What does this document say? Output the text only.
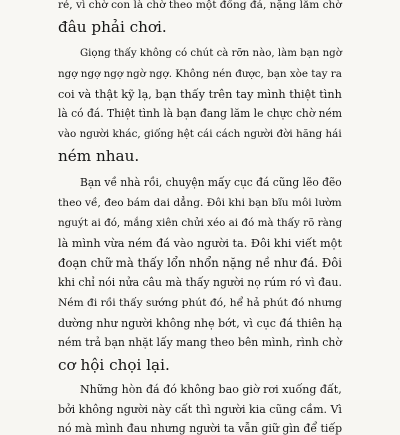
rẻ, vì chờ con là chờ theo một đồng đá, nặng lắm chờ
đâu phải chơi.
Giọng thấy không có chút cà rỡn nào, làm bạn ngờ
ngợ ngợ ngợ ngờ ngợ. Không nén được, bạn xòe tay ra
coi và thật kỹ lạ, bạn thấy trên tay mình thiệt tình
là có đá. Thiệt tình là bạn đang lăm le chực chờ ném
vào người khác, giống hệt cái cách người đời hăng hái
ném nhau.
Bạn về nhà rồi, chuyện mấy cục đá cũng lẽo đẽo
theo về, đeo bám dai dẳng. Đôi khi bạn bĩu môi lườm
nguýt ai đó, mắng xiên chửi xéo ai đó mà thấy rõ ràng
là mình vừa ném đá vào người ta. Đôi khi viết một
đoạn chữ mà thấy lổn nhổn nặng nề như đá. Đôi
khi chỉ nói nửa câu mà thấy người nọ rúm ró vì đau.
Ném đi rồi thấy sướng phút đó, hể hả phút đó nhưng
dường như người không nhẹ bớt, vì cục đá thiên hạ
ném trả bạn nhặt lấy mang theo bên mình, rình chờ
cơ hội chọi lại.
Những hòn đá đó không bao giờ rơi xuống đất,
bởi không người này cất thì người kia cũng cầm. Vì
nó mà mình đau nhưng người ta vẫn giữ gìn để tiếp
